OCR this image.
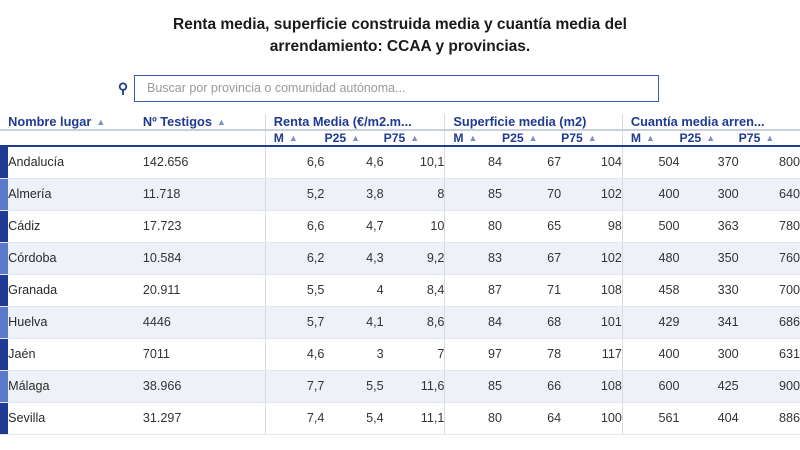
Renta media, superficie construida media y cuantía media del arrendamiento: CCAA y provincias.
⚲
Buscar por provincia o comunidad autónoma...
	Nombre lugar ▲	Nº Testigos ▲	Renta Media (€/m2.m...			Superficie media (m2)			Cuantía media arren...		

			M ▲	P25 ▲	P75 ▲	M ▲	P25 ▲	P75 ▲	M ▲	P25 ▲	P75 ▲

	Andalucía	142.656	6,6	4,6	10,1	84	67	104	504	370	800

	Almería	11.718	5,2	3,8	8	85	70	102	400	300	640

	Cádiz	17.723	6,6	4,7	10	80	65	98	500	363	780

	Córdoba	10.584	6,2	4,3	9,2	83	67	102	480	350	760

	Granada	20.911	5,5	4	8,4	87	71	108	458	330	700

	Huelva	4446	5,7	4,1	8,6	84	68	101	429	341	686

	Jaén	7011	4,6	3	7	97	78	117	400	300	631

	Málaga	38.966	7,7	5,5	11,6	85	66	108	600	425	900

	Sevilla	31.297	7,4	5,4	11,1	80	64	100	561	404	886
